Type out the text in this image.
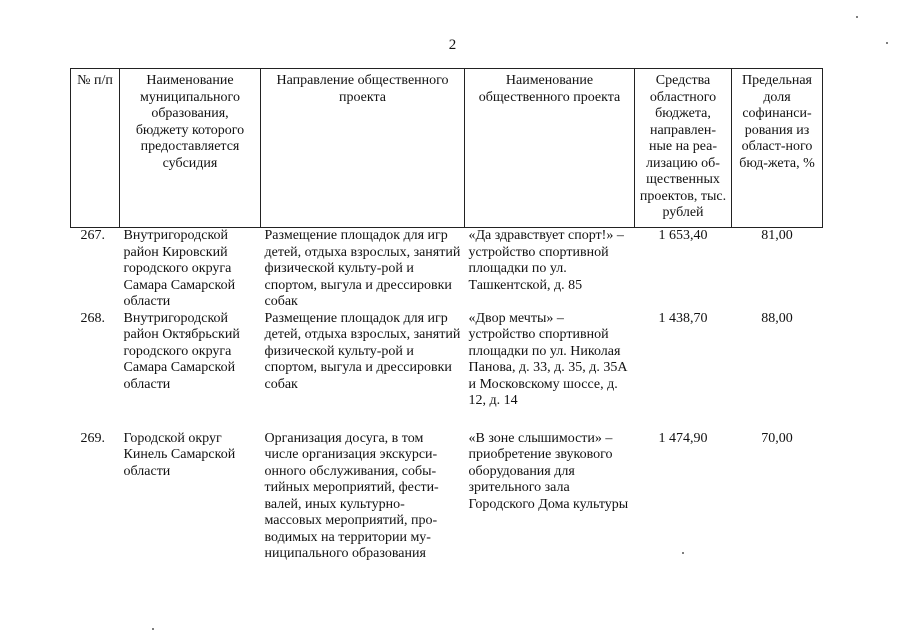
2
№ п/п	Наименование муниципального образования, бюджету которого предоставляется субсидия	Направление общественного проекта	Наименование общественного проекта	Средства областного бюджета, направлен-ные на реа-лизацию об-щественных проектов, тыс. рублей	Предельная доля софинанси-рования из област-ного бюд-жета, %
267.	Внутригородской район Кировский городского округа Самара Самарской области	Размещение площадок для игр детей, отдыха взрослых, занятий физической культу-рой и спортом, выгула и дрессировки собак	«Да здравствует спорт!» – устройство спортивной площадки по ул. Ташкентской, д. 85	1 653,40	81,00
268.	Внутригородской район Октябрьский городского округа Самара Самарской области	Размещение площадок для игр детей, отдыха взрослых, занятий физической культу-рой и спортом, выгула и дрессировки собак	«Двор мечты» – устройство спортивной площадки по ул. Николая Панова, д. 33, д. 35, д. 35А и Московскому шоссе, д. 12, д. 14	1 438,70	88,00
269.	Городской округ Кинель Самарской области	Организация досуга, в том числе организация экскурси-онного обслуживания, собы-тийных мероприятий, фести-валей, иных культурно-массовых мероприятий, про-водимых на территории му-ниципального образования	«В зоне слышимости» – приобретение звукового оборудования для зрительного зала Городского Дома культуры	1 474,90	70,00
